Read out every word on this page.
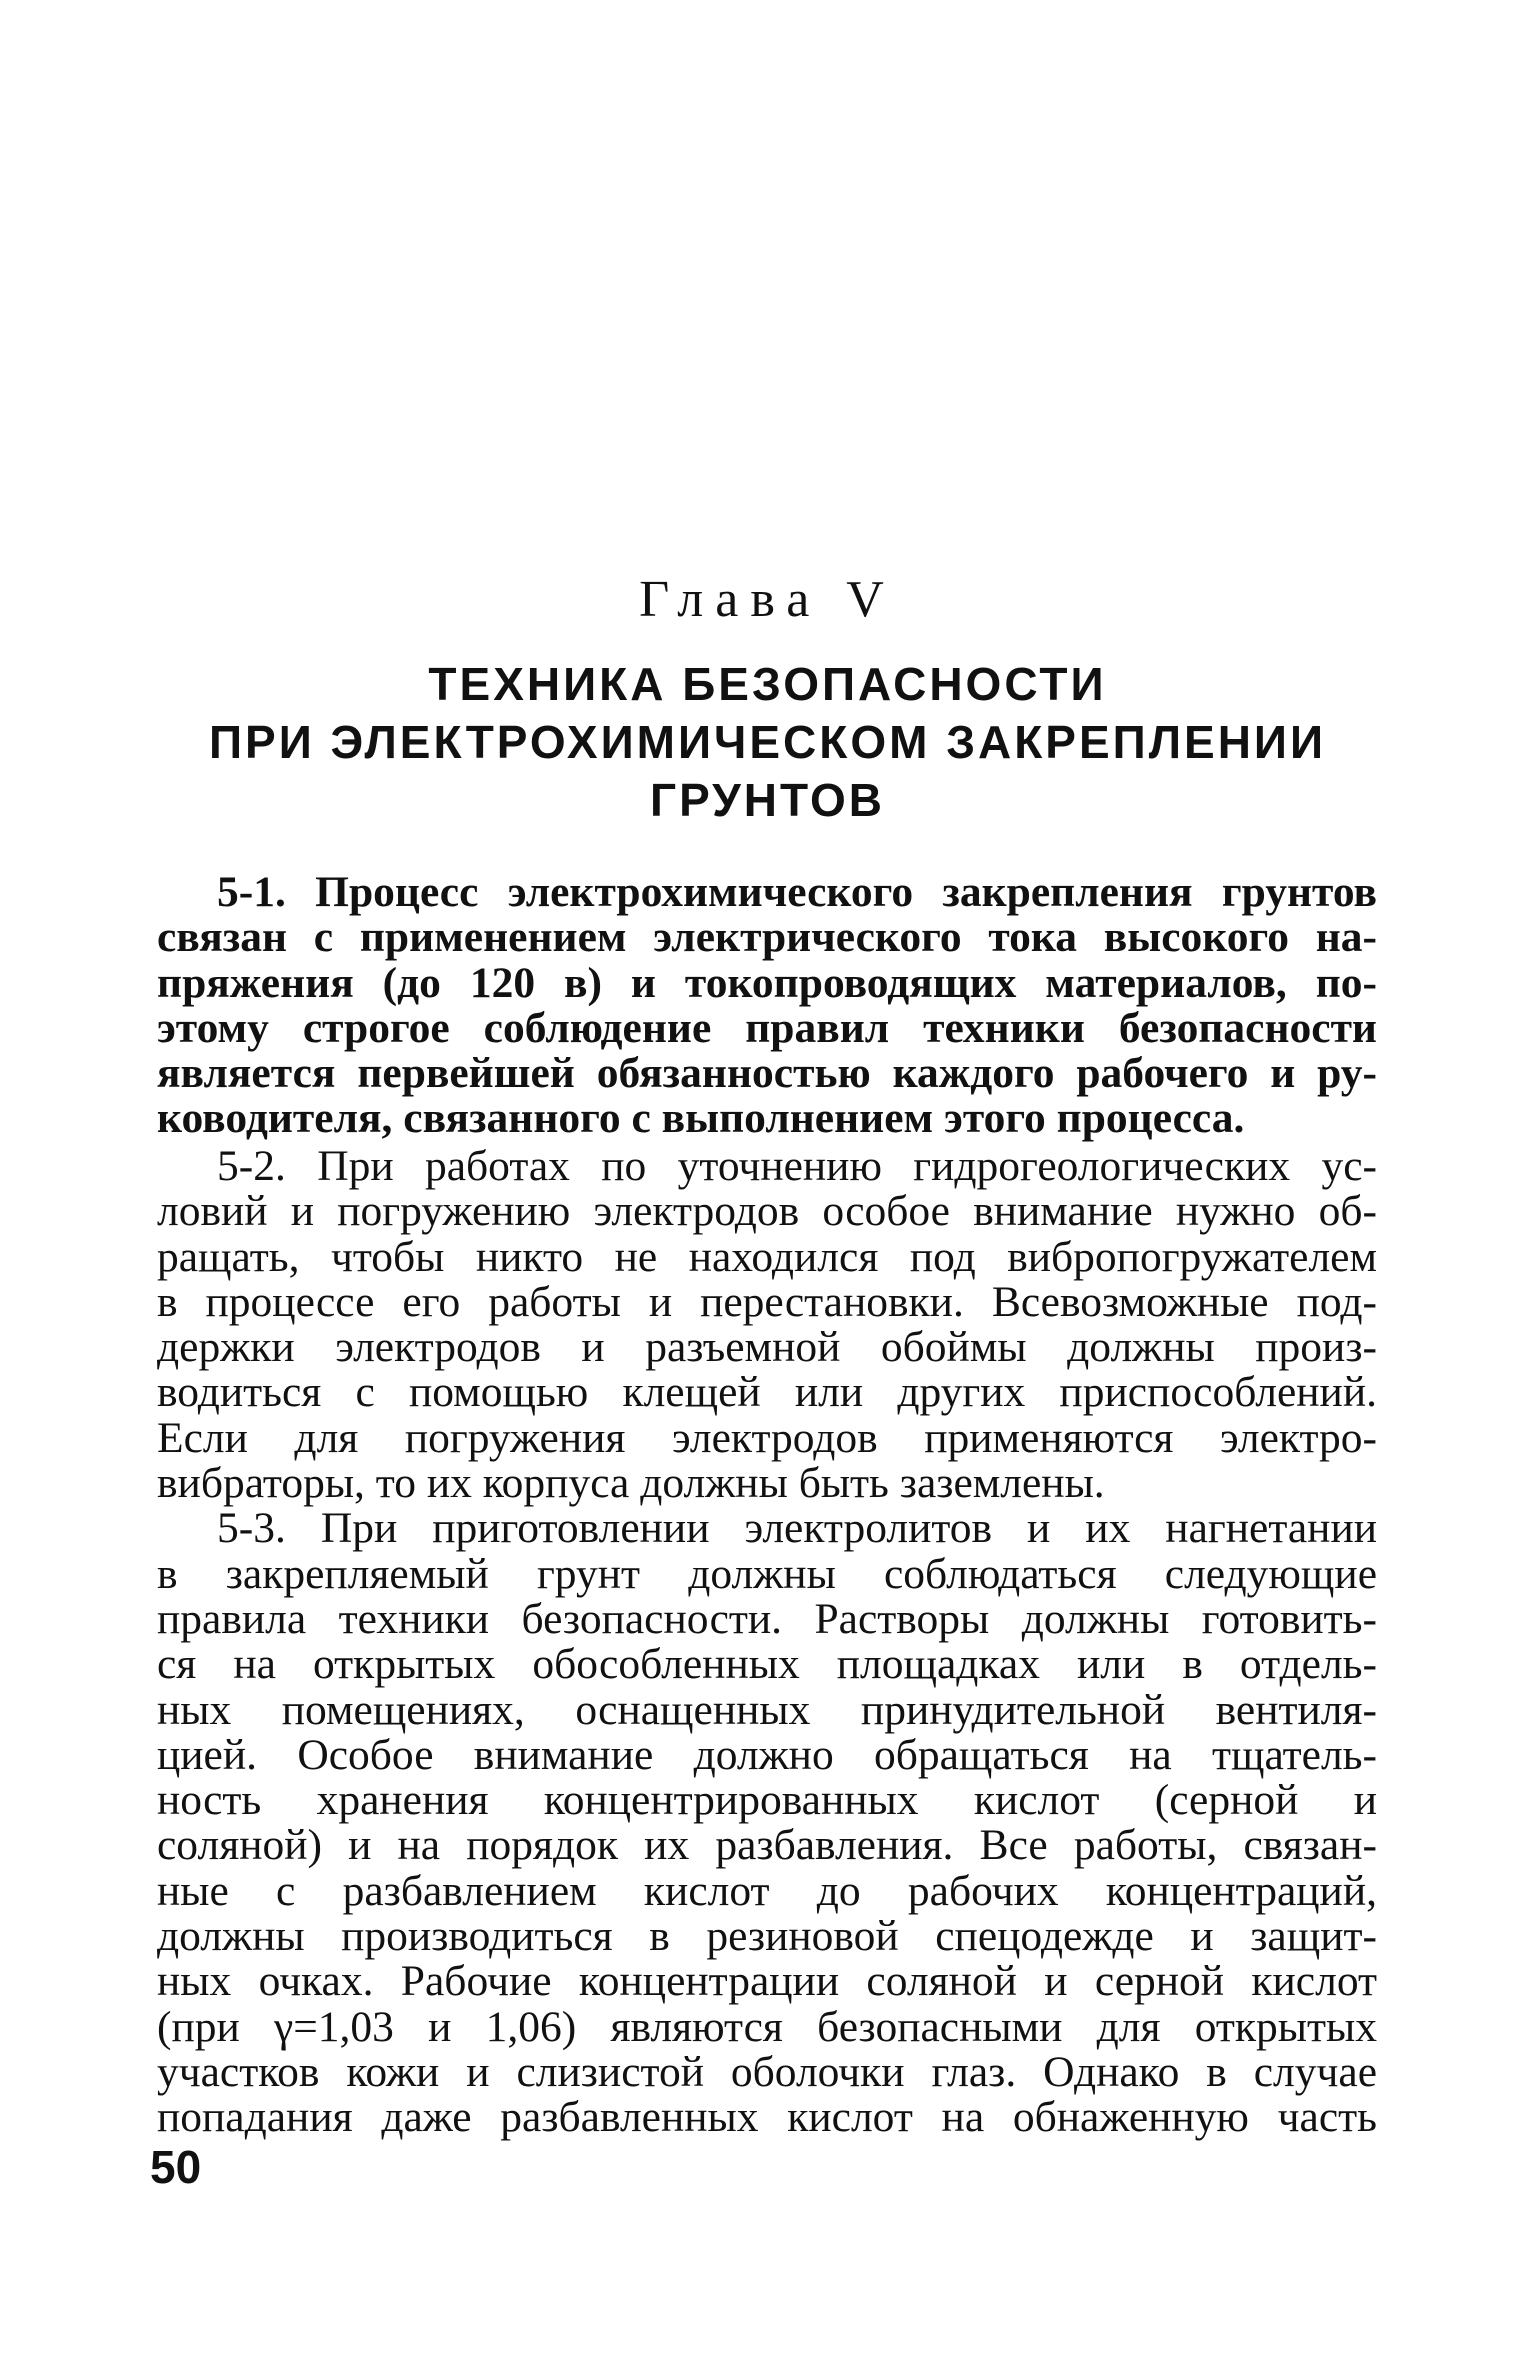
Глава V
ТЕХНИКА БЕЗОПАСНОСТИ
ПРИ ЭЛЕКТРОХИМИЧЕСКОМ ЗАКРЕПЛЕНИИ
ГРУНТОВ
5-1. Процесс электрохимического закрепления грунтов
связан с применением электрического тока высокого на-
пряжения (до 120 в) и токопроводящих материалов, по-
этому строгое соблюдение правил техники безопасности
является первейшей обязанностью каждого рабочего и ру-
ководителя, связанного с выполнением этого процесса.
5-2. При работах по уточнению гидрогеологических ус-
ловий и погружению электродов особое внимание нужно об-
ращать, чтобы никто не находился под вибропогружателем
в процессе его работы и перестановки. Всевозможные под-
держки электродов и разъемной обоймы должны произ-
водиться с помощью клещей или других приспособлений.
Если для погружения электродов применяются электро-
вибраторы, то их корпуса должны быть заземлены.
5-3. При приготовлении электролитов и их нагнетании
в закрепляемый грунт должны соблюдаться следующие
правила техники безопасности. Растворы должны готовить-
ся на открытых обособленных площадках или в отдель-
ных помещениях, оснащенных принудительной вентиля-
цией. Особое внимание должно обращаться на тщатель-
ность хранения концентрированных кислот (серной и
соляной) и на порядок их разбавления. Все работы, связан-
ные с разбавлением кислот до рабочих концентраций,
должны производиться в резиновой спецодежде и защит-
ных очках. Рабочие концентрации соляной и серной кислот
(при γ=1,03 и 1,06) являются безопасными для открытых
участков кожи и слизистой оболочки глаз. Однако в случае
попадания даже разбавленных кислот на обнаженную часть
50
